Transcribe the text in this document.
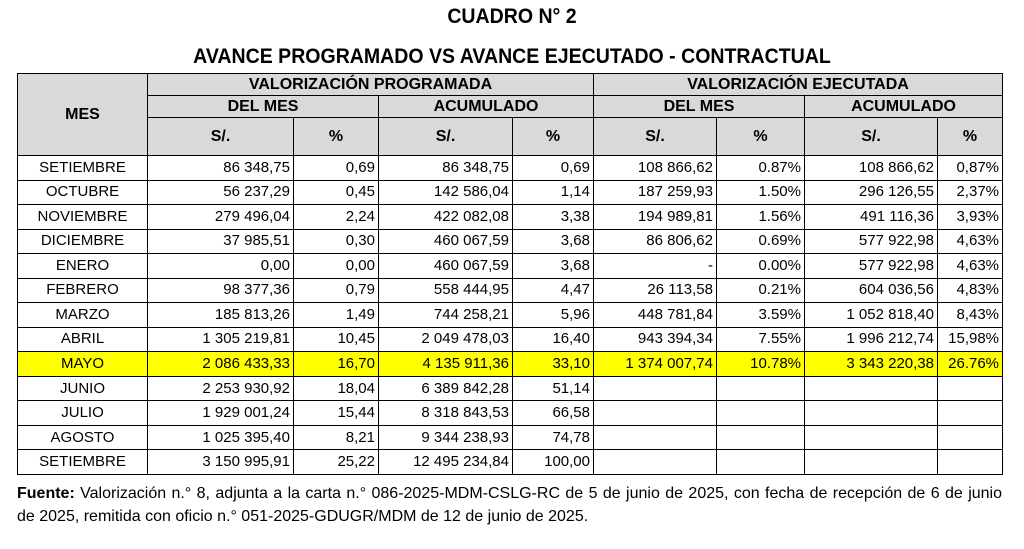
CUADRO N° 2
AVANCE PROGRAMADO VS AVANCE EJECUTADO - CONTRACTUAL
MES	VALORIZACIÓN PROGRAMADA				VALORIZACIÓN EJECUTADA			
	DEL MES		ACUMULADO		DEL MES		ACUMULADO	
	S/.	%	S/.	%	S/.	%	S/.	%
SETIEMBRE	86 348,75	0,69	86 348,75	0,69	108 866,62	0.87%	108 866,62	0,87%
OCTUBRE	56 237,29	0,45	142 586,04	1,14	187 259,93	1.50%	296 126,55	2,37%
NOVIEMBRE	279 496,04	2,24	422 082,08	3,38	194 989,81	1.56%	491 116,36	3,93%
DICIEMBRE	37 985,51	0,30	460 067,59	3,68	86 806,62	0.69%	577 922,98	4,63%
ENERO	0,00	0,00	460 067,59	3,68	-	0.00%	577 922,98	4,63%
FEBRERO	98 377,36	0,79	558 444,95	4,47	26 113,58	0.21%	604 036,56	4,83%
MARZO	185 813,26	1,49	744 258,21	5,96	448 781,84	3.59%	1 052 818,40	8,43%
ABRIL	1 305 219,81	10,45	2 049 478,03	16,40	943 394,34	7.55%	1 996 212,74	15,98%
MAYO	2 086 433,33	16,70	4 135 911,36	33,10	1 374 007,74	10.78%	3 343 220,38	26.76%
JUNIO	2 253 930,92	18,04	6 389 842,28	51,14				
JULIO	1 929 001,24	15,44	8 318 843,53	66,58				
AGOSTO	1 025 395,40	8,21	9 344 238,93	74,78				
SETIEMBRE	3 150 995,91	25,22	12 495 234,84	100,00				
Fuente: Valorización n.° 8, adjunta a la carta n.° 086-2025-MDM-CSLG-RC de 5 de junio de 2025, con fecha de recepción de 6 de junio de 2025, remitida con oficio n.° 051-2025-GDUGR/MDM de 12 de junio de 2025.
